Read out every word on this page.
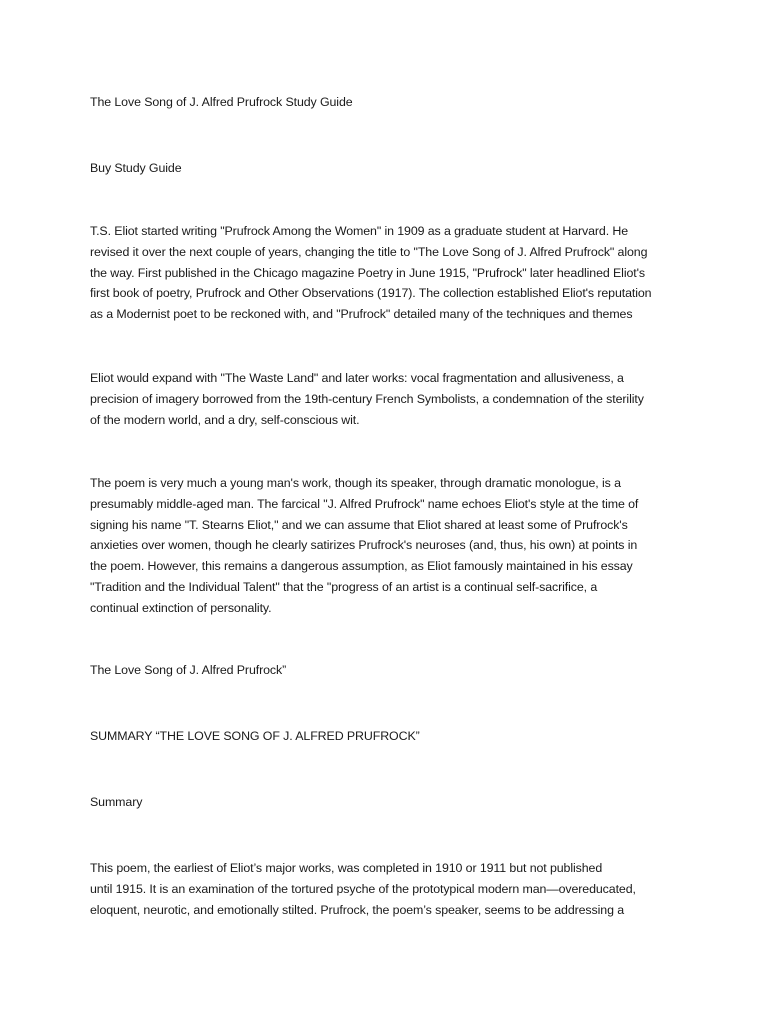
The Love Song of J. Alfred Prufrock Study Guide

Buy Study Guide

T.S. Eliot started writing "Prufrock Among the Women" in 1909 as a graduate student at Harvard. He
revised it over the next couple of years, changing the title to "The Love Song of J. Alfred Prufrock" along
the way. First published in the Chicago magazine Poetry in June 1915, "Prufrock" later headlined Eliot's
first book of poetry, Prufrock and Other Observations (1917). The collection established Eliot's reputation
as a Modernist poet to be reckoned with, and "Prufrock" detailed many of the techniques and themes

Eliot would expand with "The Waste Land" and later works: vocal fragmentation and allusiveness, a
precision of imagery borrowed from the 19th-century French Symbolists, a condemnation of the sterility
of the modern world, and a dry, self-conscious wit.

The poem is very much a young man's work, though its speaker, through dramatic monologue, is a
presumably middle-aged man. The farcical "J. Alfred Prufrock" name echoes Eliot's style at the time of
signing his name "T. Stearns Eliot," and we can assume that Eliot shared at least some of Prufrock's
anxieties over women, though he clearly satirizes Prufrock's neuroses (and, thus, his own) at points in
the poem. However, this remains a dangerous assumption, as Eliot famously maintained in his essay
"Tradition and the Individual Talent" that the "progress of an artist is a continual self-sacrifice, a
continual extinction of personality.

The Love Song of J. Alfred Prufrock”

SUMMARY “THE LOVE SONG OF J. ALFRED PRUFROCK”

Summary

This poem, the earliest of Eliot’s major works, was completed in 1910 or 1911 but not published
until 1915. It is an examination of the tortured psyche of the prototypical modern man—overeducated,
eloquent, neurotic, and emotionally stilted. Prufrock, the poem’s speaker, seems to be addressing a
